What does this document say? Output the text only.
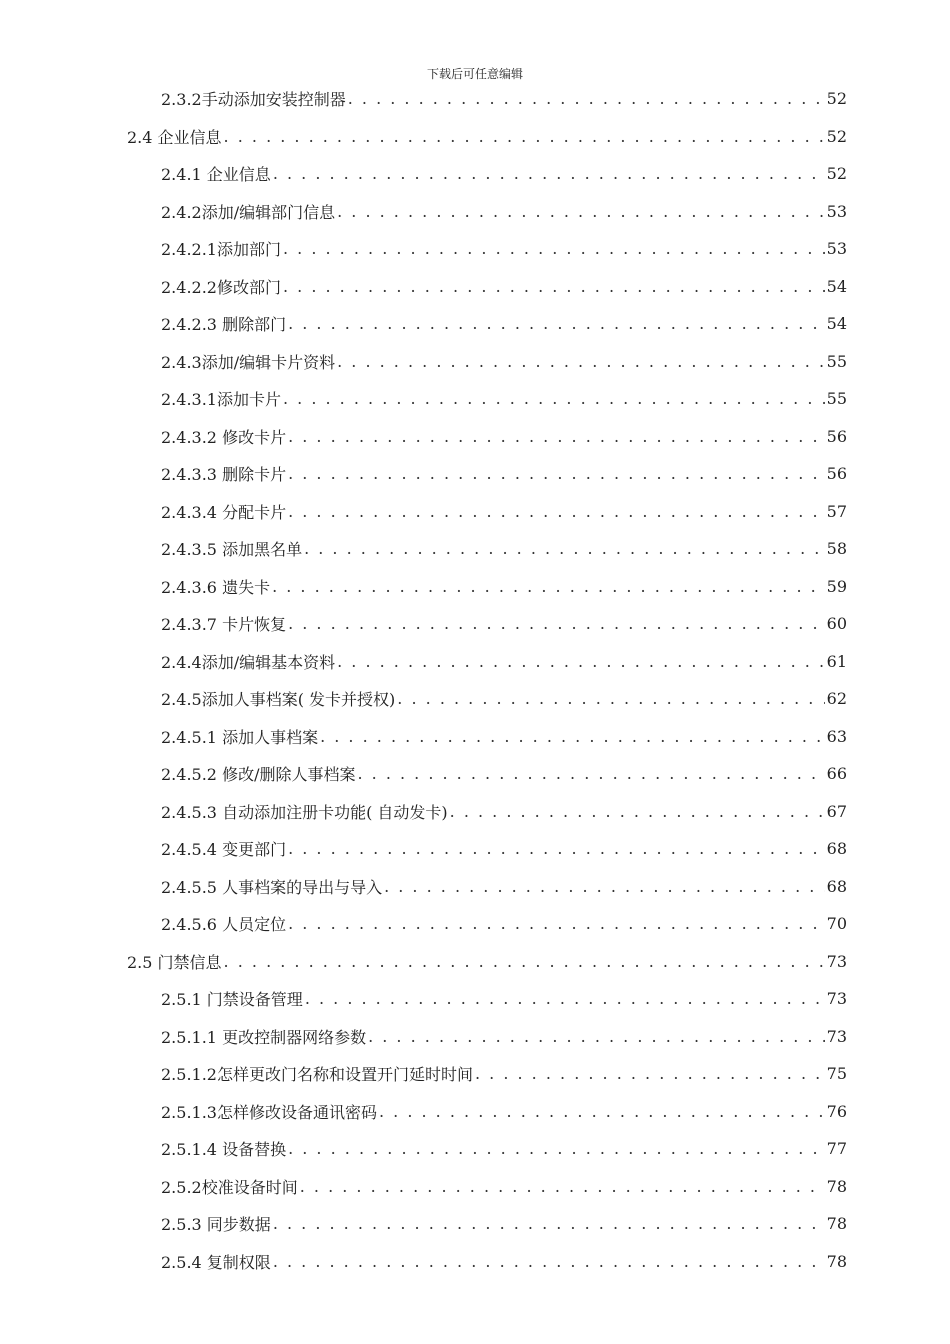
下载后可任意编辑
2.3.2手动添加安装控制器 . . .	52
2.4 企业信息 . . .	52
2.4.1 企业信息 . . .	52
2.4.2添加/编辑部门信息 . . .	53
2.4.2.1添加部门 . . .	53
2.4.2.2修改部门 . . .	54
2.4.2.3 删除部门 . . .	54
2.4.3添加/编辑卡片资料 . . .	55
2.4.3.1添加卡片 . . .	55
2.4.3.2 修改卡片 . . .	56
2.4.3.3 删除卡片 . . .	56
2.4.3.4 分配卡片 . . .	57
2.4.3.5 添加黑名单 . . .	58
2.4.3.6 遗失卡 . . .	59
2.4.3.7 卡片恢复 . . .	60
2.4.4添加/编辑基本资料 . . .	61
2.4.5添加人事档案( 发卡并授权) . . .	62
2.4.5.1 添加人事档案 . . .	63
2.4.5.2 修改/删除人事档案 . . .	66
2.4.5.3 自动添加注册卡功能( 自动发卡) . . .	67
2.4.5.4 变更部门 . . .	68
2.4.5.5 人事档案的导出与导入 . . .	68
2.4.5.6 人员定位 . . .	70
2.5 门禁信息 . . .	73
2.5.1 门禁设备管理 . . .	73
2.5.1.1 更改控制器网络参数 . . .	73
2.5.1.2怎样更改门名称和设置开门延时时间 . . .	75
2.5.1.3怎样修改设备通讯密码 . . .	76
2.5.1.4 设备替换 . . .	77
2.5.2校准设备时间 . . .	78
2.5.3 同步数据 . . .	78
2.5.4 复制权限 . . .	78
